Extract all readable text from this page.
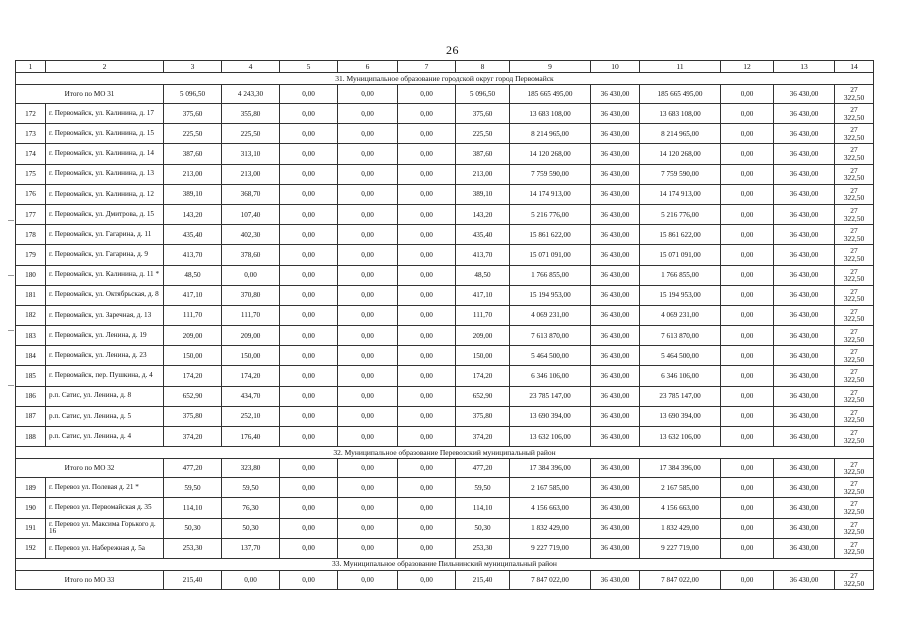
26
1	2	3	4	5	6	7	8	9	10	11	12	13	14
31. Муниципальное образование городской округ город Первомайск													
Итого по МО 31		5 096,50	4 243,30	0,00	0,00	0,00	5 096,50	185 665 495,00	36 430,00	185 665 495,00	0,00	36 430,00	27
322,50
172	г. Первомайск, ул. Калинина, д. 17	375,60	355,80	0,00	0,00	0,00	375,60	13 683 108,00	36 430,00	13 683 108,00	0,00	36 430,00	27
322,50
173	г. Первомайск, ул. Калинина, д. 15	225,50	225,50	0,00	0,00	0,00	225,50	8 214 965,00	36 430,00	8 214 965,00	0,00	36 430,00	27
322,50
174	г. Первомайск, ул. Калинина, д. 14	387,60	313,10	0,00	0,00	0,00	387,60	14 120 268,00	36 430,00	14 120 268,00	0,00	36 430,00	27
322,50
175	г. Первомайск, ул. Калинина, д. 13	213,00	213,00	0,00	0,00	0,00	213,00	7 759 590,00	36 430,00	7 759 590,00	0,00	36 430,00	27
322,50
176	г. Первомайск, ул. Калинина, д. 12	389,10	368,70	0,00	0,00	0,00	389,10	14 174 913,00	36 430,00	14 174 913,00	0,00	36 430,00	27
322,50
177	г. Первомайск, ул. Дмитрова, д. 15	143,20	107,40	0,00	0,00	0,00	143,20	5 216 776,00	36 430,00	5 216 776,00	0,00	36 430,00	27
322,50
178	г. Первомайск, ул. Гагарина, д. 11	435,40	402,30	0,00	0,00	0,00	435,40	15 861 622,00	36 430,00	15 861 622,00	0,00	36 430,00	27
322,50
179	г. Первомайск, ул. Гагарина, д. 9	413,70	378,60	0,00	0,00	0,00	413,70	15 071 091,00	36 430,00	15 071 091,00	0,00	36 430,00	27
322,50
180	г. Первомайск, ул. Калинина, д. 11 *	48,50	0,00	0,00	0,00	0,00	48,50	1 766 855,00	36 430,00	1 766 855,00	0,00	36 430,00	27
322,50
181	г. Первомайск, ул. Октябрьская, д. 8	417,10	370,80	0,00	0,00	0,00	417,10	15 194 953,00	36 430,00	15 194 953,00	0,00	36 430,00	27
322,50
182	г. Первомайск, ул. Заречная, д. 13	111,70	111,70	0,00	0,00	0,00	111,70	4 069 231,00	36 430,00	4 069 231,00	0,00	36 430,00	27
322,50
183	г. Первомайск, ул. Ленина, д. 19	209,00	209,00	0,00	0,00	0,00	209,00	7 613 870,00	36 430,00	7 613 870,00	0,00	36 430,00	27
322,50
184	г. Первомайск, ул. Ленина, д. 23	150,00	150,00	0,00	0,00	0,00	150,00	5 464 500,00	36 430,00	5 464 500,00	0,00	36 430,00	27
322,50
185	г. Первомайск, пер. Пушкина, д. 4	174,20	174,20	0,00	0,00	0,00	174,20	6 346 106,00	36 430,00	6 346 106,00	0,00	36 430,00	27
322,50
186	р.п. Сатис, ул. Ленина, д. 8	652,90	434,70	0,00	0,00	0,00	652,90	23 785 147,00	36 430,00	23 785 147,00	0,00	36 430,00	27
322,50
187	р.п. Сатис, ул. Ленина, д. 5	375,80	252,10	0,00	0,00	0,00	375,80	13 690 394,00	36 430,00	13 690 394,00	0,00	36 430,00	27
322,50
188	р.п. Сатис, ул. Ленина, д. 4	374,20	176,40	0,00	0,00	0,00	374,20	13 632 106,00	36 430,00	13 632 106,00	0,00	36 430,00	27
322,50
32. Муниципальное образование Перевозский муниципальный район													
Итого по МО 32		477,20	323,80	0,00	0,00	0,00	477,20	17 384 396,00	36 430,00	17 384 396,00	0,00	36 430,00	27
322,50
189	г. Перевоз ул. Полевая д. 21 *	59,50	59,50	0,00	0,00	0,00	59,50	2 167 585,00	36 430,00	2 167 585,00	0,00	36 430,00	27
322,50
190	г. Перевоз ул. Первомайская д. 35	114,10	76,30	0,00	0,00	0,00	114,10	4 156 663,00	36 430,00	4 156 663,00	0,00	36 430,00	27
322,50
191	г. Перевоз ул. Максима Горького д. 16	50,30	50,30	0,00	0,00	0,00	50,30	1 832 429,00	36 430,00	1 832 429,00	0,00	36 430,00	27
322,50
192	г. Перевоз ул. Набережная д. 5а	253,30	137,70	0,00	0,00	0,00	253,30	9 227 719,00	36 430,00	9 227 719,00	0,00	36 430,00	27
322,50
33. Муниципальное образование Пильнинский муниципальный район													
Итого по МО 33		215,40	0,00	0,00	0,00	0,00	215,40	7 847 022,00	36 430,00	7 847 022,00	0,00	36 430,00	27
322,50
